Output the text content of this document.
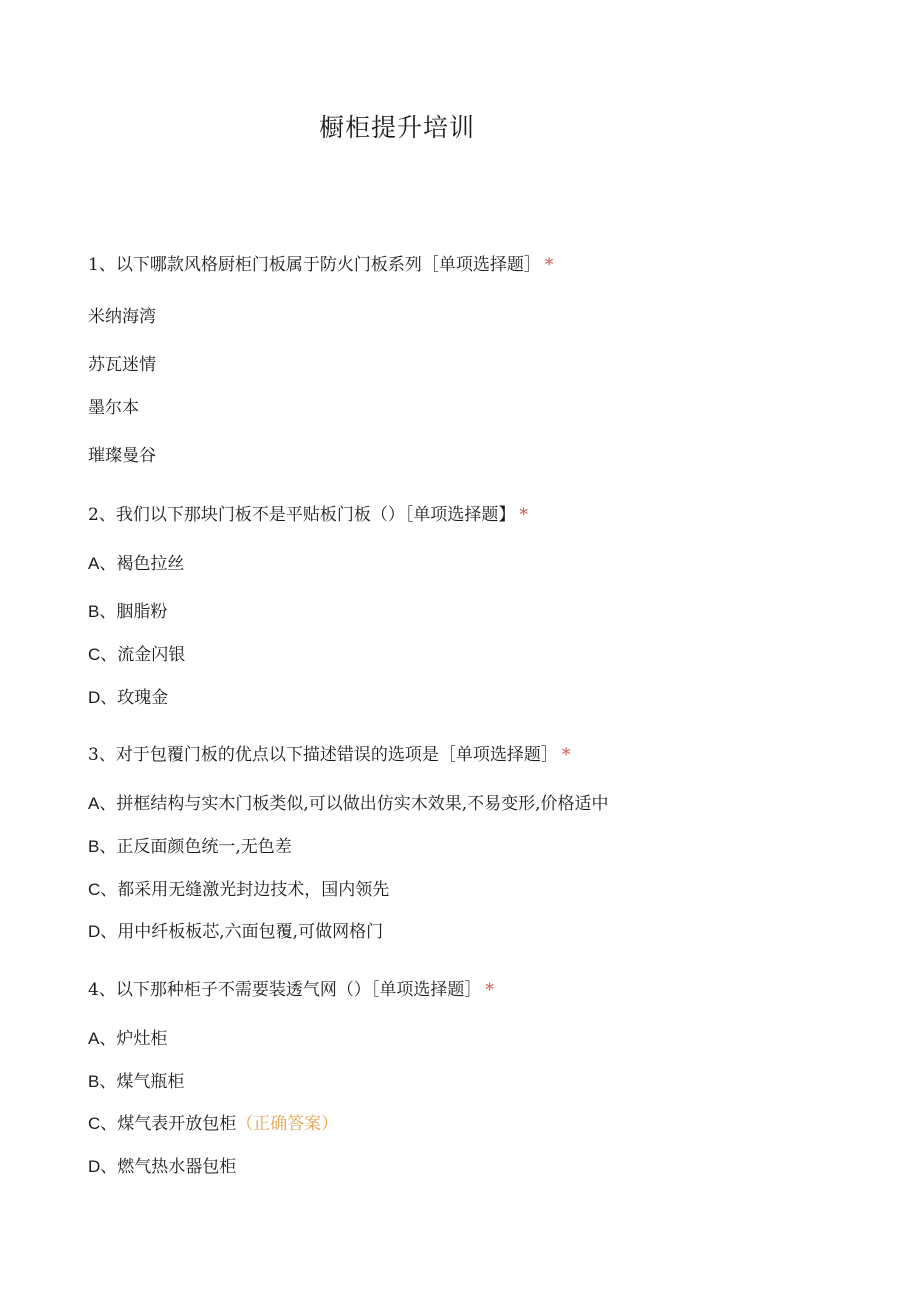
橱柜提升培训
1、以下哪款风格厨柜门板属于防火门板系列［单项选择题］ *
米纳海湾
苏瓦迷情
墨尔本
璀璨曼谷
2、我们以下那块门板不是平贴板门板（）［单项选择题】 *
A、褐色拉丝
B、胭脂粉
C、流金闪银
D、玫瑰金
3、对于包覆门板的优点以下描述错误的选项是［单项选择题］ *
A、拼框结构与实木门板类似,可以做出仿实木效果,不易变形,价格适中
B、正反面颜色统一,无色差
C、都采用无缝激光封边技术，国内领先
D、用中纤板板芯,六面包覆,可做网格门
4、以下那种柜子不需要装透气网（）［单项选择题］ *
A、炉灶柜
B、煤气瓶柜
C、煤气表开放包柜（正确答案）
D、燃气热水器包柜
